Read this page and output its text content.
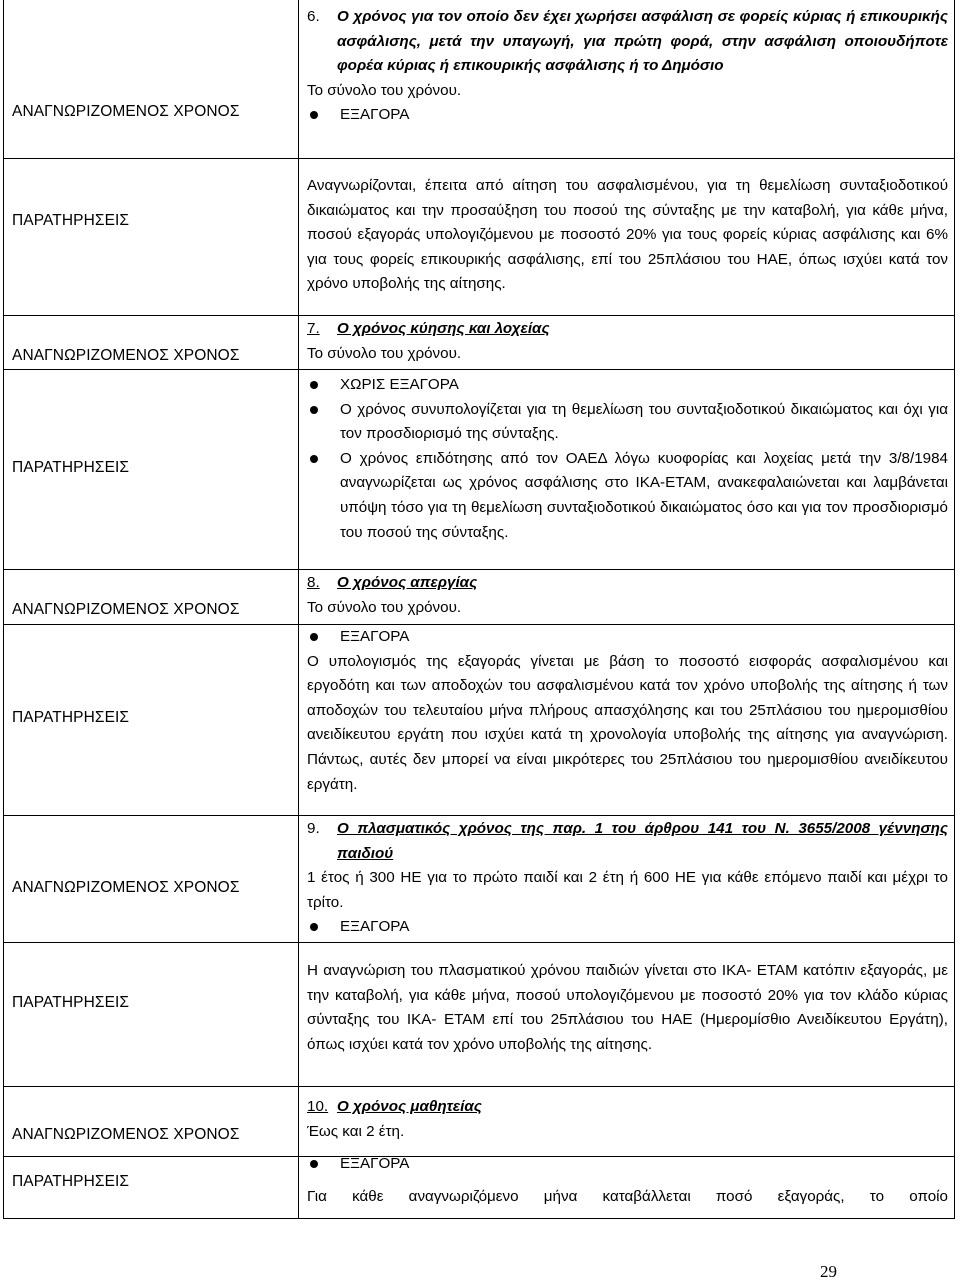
ΑΝΑΓΝΩΡΙΖΟΜΕΝΟΣ ΧΡΟΝΟΣ
6.	Ο χρόνος για τον οποίο δεν έχει χωρήσει ασφάλιση σε φορείς κύριας ή επικουρικής ασφάλισης, μετά την υπαγωγή, για πρώτη φορά, στην ασφάλιση οποιουδήποτε φορέα κύριας ή επικουρικής ασφάλισης ή το Δημόσιο
Το σύνολο του χρόνου.
ΕΞΑΓΟΡΑ
ΠΑΡΑΤΗΡΗΣΕΙΣ
Αναγνωρίζονται, έπειτα από αίτηση του ασφαλισμένου, για τη θεμελίωση συνταξιοδοτικού δικαιώματος και την προσαύξηση του ποσού της σύνταξης με την καταβολή, για κάθε μήνα, ποσού εξαγοράς υπολογιζόμενου με ποσοστό 20% για τους φορείς κύριας ασφάλισης και 6% για τους φορείς επικουρικής ασφάλισης, επί του 25πλάσιου του ΗΑΕ, όπως ισχύει κατά τον χρόνο υποβολής της αίτησης.
ΑΝΑΓΝΩΡΙΖΟΜΕΝΟΣ ΧΡΟΝΟΣ
7.	Ο χρόνος κύησης και λοχείας
Το σύνολο του χρόνου.
ΠΑΡΑΤΗΡΗΣΕΙΣ
ΧΩΡΙΣ ΕΞΑΓΟΡΑ
Ο χρόνος συνυπολογίζεται για τη θεμελίωση του συνταξιοδοτικού δικαιώματος και όχι για τον προσδιορισμό της σύνταξης.
Ο χρόνος επιδότησης από τον ΟΑΕΔ λόγω κυοφορίας και λοχείας μετά την 3/8/1984 αναγνωρίζεται ως χρόνος ασφάλισης στο ΙΚΑ-ΕΤΑΜ, ανακεφαλαιώνεται και λαμβάνεται υπόψη τόσο για τη θεμελίωση συνταξιοδοτικού δικαιώματος όσο και για τον προσδιορισμό του ποσού της σύνταξης.
ΑΝΑΓΝΩΡΙΖΟΜΕΝΟΣ ΧΡΟΝΟΣ
8.	Ο χρόνος απεργίας
Το σύνολο του χρόνου.
ΠΑΡΑΤΗΡΗΣΕΙΣ
ΕΞΑΓΟΡΑ
Ο υπολογισμός της εξαγοράς γίνεται με βάση το ποσοστό εισφοράς ασφαλισμένου και εργοδότη και των αποδοχών του ασφαλισμένου κατά τον χρόνο υποβολής της αίτησης ή των αποδοχών του τελευταίου μήνα πλήρους απασχόλησης και του 25πλάσιου του ημερομισθίου ανειδίκευτου εργάτη που ισχύει κατά τη χρονολογία υποβολής της αίτησης για αναγνώριση. Πάντως, αυτές δεν μπορεί να είναι μικρότερες του 25πλάσιου του ημερομισθίου ανειδίκευτου εργάτη.
ΑΝΑΓΝΩΡΙΖΟΜΕΝΟΣ ΧΡΟΝΟΣ
9.	Ο πλασματικός χρόνος της παρ. 1 του άρθρου 141 του Ν. 3655/2008 γέννησης παιδιού
1 έτος ή 300 ΗΕ για το πρώτο παιδί και 2 έτη ή 600 ΗΕ για κάθε επόμενο παιδί και μέχρι το τρίτο.
ΕΞΑΓΟΡΑ
ΠΑΡΑΤΗΡΗΣΕΙΣ
Η αναγνώριση του πλασματικού χρόνου παιδιών γίνεται στο ΙΚΑ- ΕΤΑΜ κατόπιν εξαγοράς, με την καταβολή, για κάθε μήνα, ποσού υπολογιζόμενου με ποσοστό 20% για τον κλάδο κύριας σύνταξης του ΙΚΑ- ΕΤΑΜ επί του 25πλάσιου του ΗΑΕ (Ημερομίσθιο Ανειδίκευτου Εργάτη), όπως ισχύει κατά τον χρόνο υποβολής της αίτησης.
ΑΝΑΓΝΩΡΙΖΟΜΕΝΟΣ ΧΡΟΝΟΣ
10. Ο χρόνος μαθητείας
Έως και 2 έτη.
ΠΑΡΑΤΗΡΗΣΕΙΣ
ΕΞΑΓΟΡΑ
Για κάθε αναγνωριζόμενο μήνα καταβάλλεται ποσό εξαγοράς, το οποίο
29
